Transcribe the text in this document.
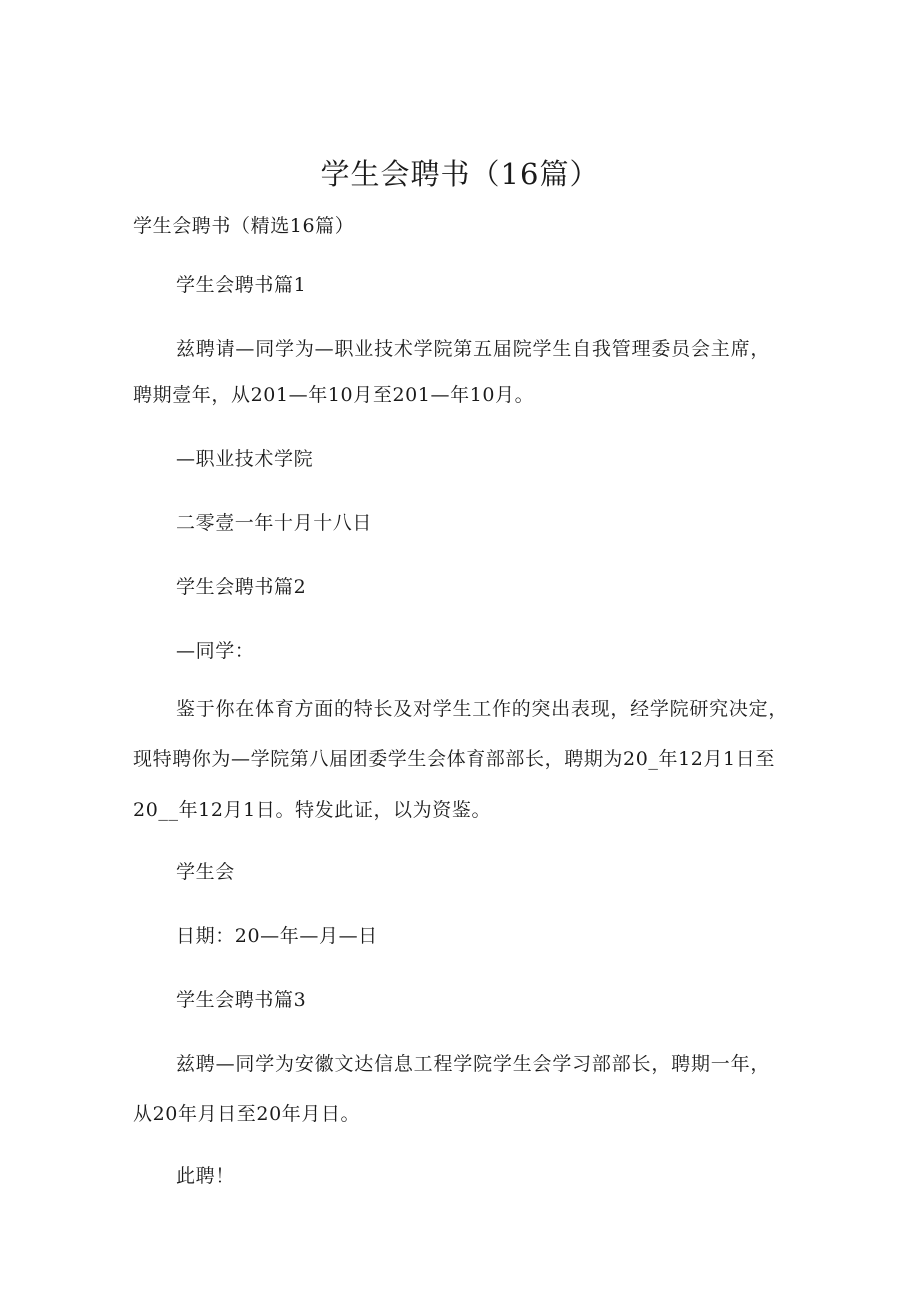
学生会聘书（16篇）
学生会聘书（精选16篇）
学生会聘书篇1
兹聘请—同学为—职业技术学院第五届院学生自我管理委员会主席，
聘期壹年，从201—年10月至201—年10月。
—职业技术学院
二零壹一年十月十八日
学生会聘书篇2
—同学：
鉴于你在体育方面的特长及对学生工作的突出表现，经学院研究决定，
现特聘你为—学院第八届团委学生会体育部部长，聘期为20_年12月1日至
20__年12月1日。特发此证，以为资鉴。
学生会
日期：20—年—月—日
学生会聘书篇3
兹聘—同学为安徽文达信息工程学院学生会学习部部长，聘期一年，
从20年月日至20年月日。
此聘！
